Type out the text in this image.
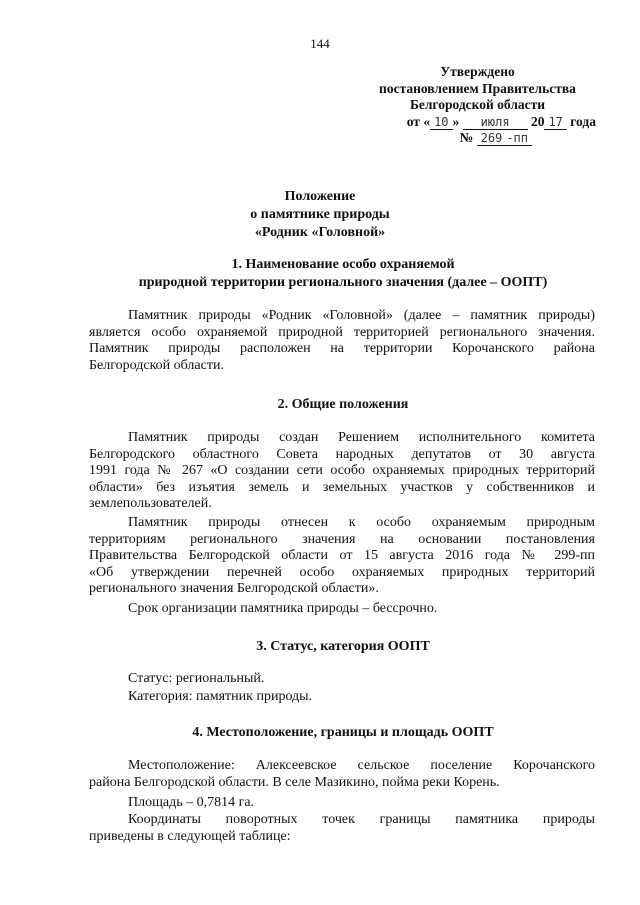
144
Утверждено
постановлением Правительства
Белгородской области
от « 10 » июля 20 17 года
№ 269 -пп
Положение
о памятнике природы
«Родник «Головной»
1. Наименование особо охраняемой
природной территории регионального значения (далее – ООПТ)
Памятник природы «Родник «Головной» (далее – памятник природы)
является особо охраняемой природной территорией регионального значения.
Памятник природы расположен на территории Корочанского района
Белгородской области.
2. Общие положения
Памятник природы создан Решением исполнительного комитета
Белгородского областного Совета народных депутатов от 30 августа
1991 года № 267 «О создании сети особо охраняемых природных территорий
области» без изъятия земель и земельных участков у собственников и
землепользователей.
Памятник природы отнесен к особо охраняемым природным
территориям регионального значения на основании постановления
Правительства Белгородской области от 15 августа 2016 года № 299-пп
«Об утверждении перечней особо охраняемых природных территорий
регионального значения Белгородской области».
Срок организации памятника природы – бессрочно.
3. Статус, категория ООПТ
Статус: региональный.
Категория: памятник природы.
4. Местоположение, границы и площадь ООПТ
Местоположение: Алексеевское сельское поселение Корочанского
района Белгородской области. В селе Мазикино, пойма реки Корень.
Площадь – 0,7814 га.
Координаты поворотных точек границы памятника природы
приведены в следующей таблице:
